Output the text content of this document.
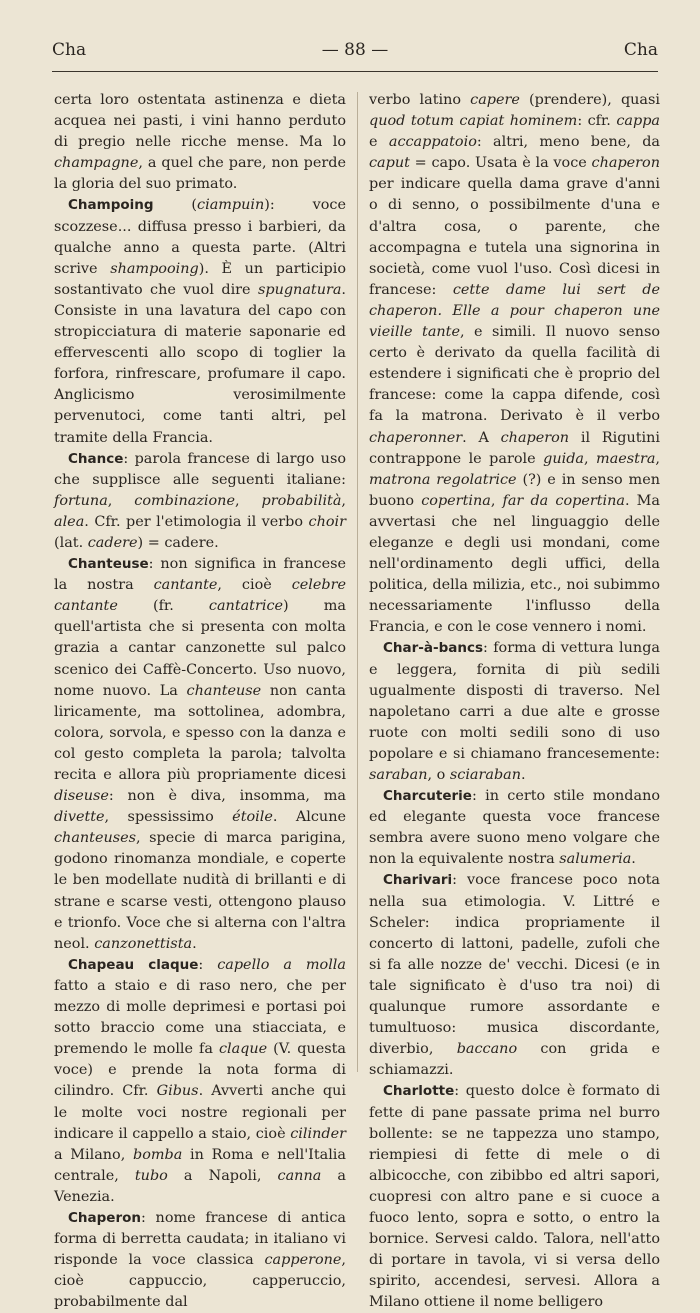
Cha	— 88 —	Cha

certa loro ostentata astinenza e dieta acquea nei pasti, i vini hanno perduto di pregio nelle ricche mense. Ma lo champagne, a quel che pare, non perde la gloria del suo primato.

Champoing (ciampuin): voce scozzese... diffusa presso i barbieri, da qualche anno a questa parte. (Altri scrive shampooing). È un participio sostantivato che vuol dire spugnatura. Consiste in una lavatura del capo con stropicciatura di materie saponarie ed effervescenti allo scopo di toglier la forfora, rinfrescare, profumare il capo. Anglicismo verosimilmente pervenutoci, come tanti altri, pel tramite della Francia.

Chance: parola francese di largo uso che supplisce alle seguenti italiane: fortuna, combinazione, probabilità, alea. Cfr. per l'etimologia il verbo choir (lat. cadere) = cadere.

Chanteuse: non significa in francese la nostra cantante, cioè celebre cantante (fr. cantatrice) ma quell'artista che si presenta con molta grazia a cantar canzonette sul palco scenico dei Caffè-Concerto. Uso nuovo, nome nuovo. La chanteuse non canta liricamente, ma sottolinea, adombra, colora, sorvola, e spesso con la danza e col gesto completa la parola; talvolta recita e allora più propriamente dicesi diseuse: non è diva, insomma, ma divette, spessissimo étoile. Alcune chanteuses, specie di marca parigina, godono rinomanza mondiale, e coperte le ben modellate nudità di brillanti e di strane e scarse vesti, ottengono plauso e trionfo. Voce che si alterna con l'altra neol. canzonettista.

Chapeau claque: capello a molla fatto a staio e di raso nero, che per mezzo di molle deprimesi e portasi poi sotto braccio come una stiacciata, e premendo le molle fa claque (V. questa voce) e prende la nota forma di cilindro. Cfr. Gibus. Avverti anche qui le molte voci nostre regionali per indicare il cappello a staio, cioè cilinder a Milano, bomba in Roma e nell'Italia centrale, tubo a Napoli, canna a Venezia.

Chaperon: nome francese di antica forma di berretta caudata; in italiano vi risponde la voce classica capperone, cioè cappuccio, capperuccio, probabilmente dal

verbo latino capere (prendere), quasi quod totum capiat hominem: cfr. cappa e accappatoio: altri, meno bene, da caput = capo. Usata è la voce chaperon per indicare quella dama grave d'anni o di senno, o possibilmente d'una e d'altra cosa, o parente, che accompagna e tutela una signorina in società, come vuol l'uso. Così dicesi in francese: cette dame lui sert de chaperon. Elle a pour chaperon une vieille tante, e simili. Il nuovo senso certo è derivato da quella facilità di estendere i significati che è proprio del francese: come la cappa difende, così fa la matrona. Derivato è il verbo chaperonner. A chaperon il Rigutini contrappone le parole guida, maestra, matrona regolatrice (?) e in senso men buono copertina, far da copertina. Ma avvertasi che nel linguaggio delle eleganze e degli usi mondani, come nell'ordinamento degli uffici, della politica, della milizia, etc., noi subimmo necessariamente l'influsso della Francia, e con le cose vennero i nomi.

Char-à-bancs: forma di vettura lunga e leggera, fornita di più sedili ugualmente disposti di traverso. Nel napoletano carri a due alte e grosse ruote con molti sedili sono di uso popolare e si chiamano francesemente: saraban, o sciaraban.

Charcuterie: in certo stile mondano ed elegante questa voce francese sembra avere suono meno volgare che non la equivalente nostra salumeria.

Charivari: voce francese poco nota nella sua etimologia. V. Littré e Scheler: indica propriamente il concerto di lattoni, padelle, zufoli che si fa alle nozze de' vecchi. Dicesi (e in tale significato è d'uso tra noi) di qualunque rumore assordante e tumultuoso: musica discordante, diverbio, baccano con grida e schiamazzi.

Charlotte: questo dolce è formato di fette di pane passate prima nel burro bollente: se ne tappezza uno stampo, riempiesi di fette di mele o di albicocche, con zibibbo ed altri sapori, cuopresi con altro pane e si cuoce a fuoco lento, sopra e sotto, o entro la bornice. Servesi caldo. Talora, nell'atto di portare in tavola, vi si versa dello spirito, accendesi, servesi. Allora a Milano ottiene il nome belligero
